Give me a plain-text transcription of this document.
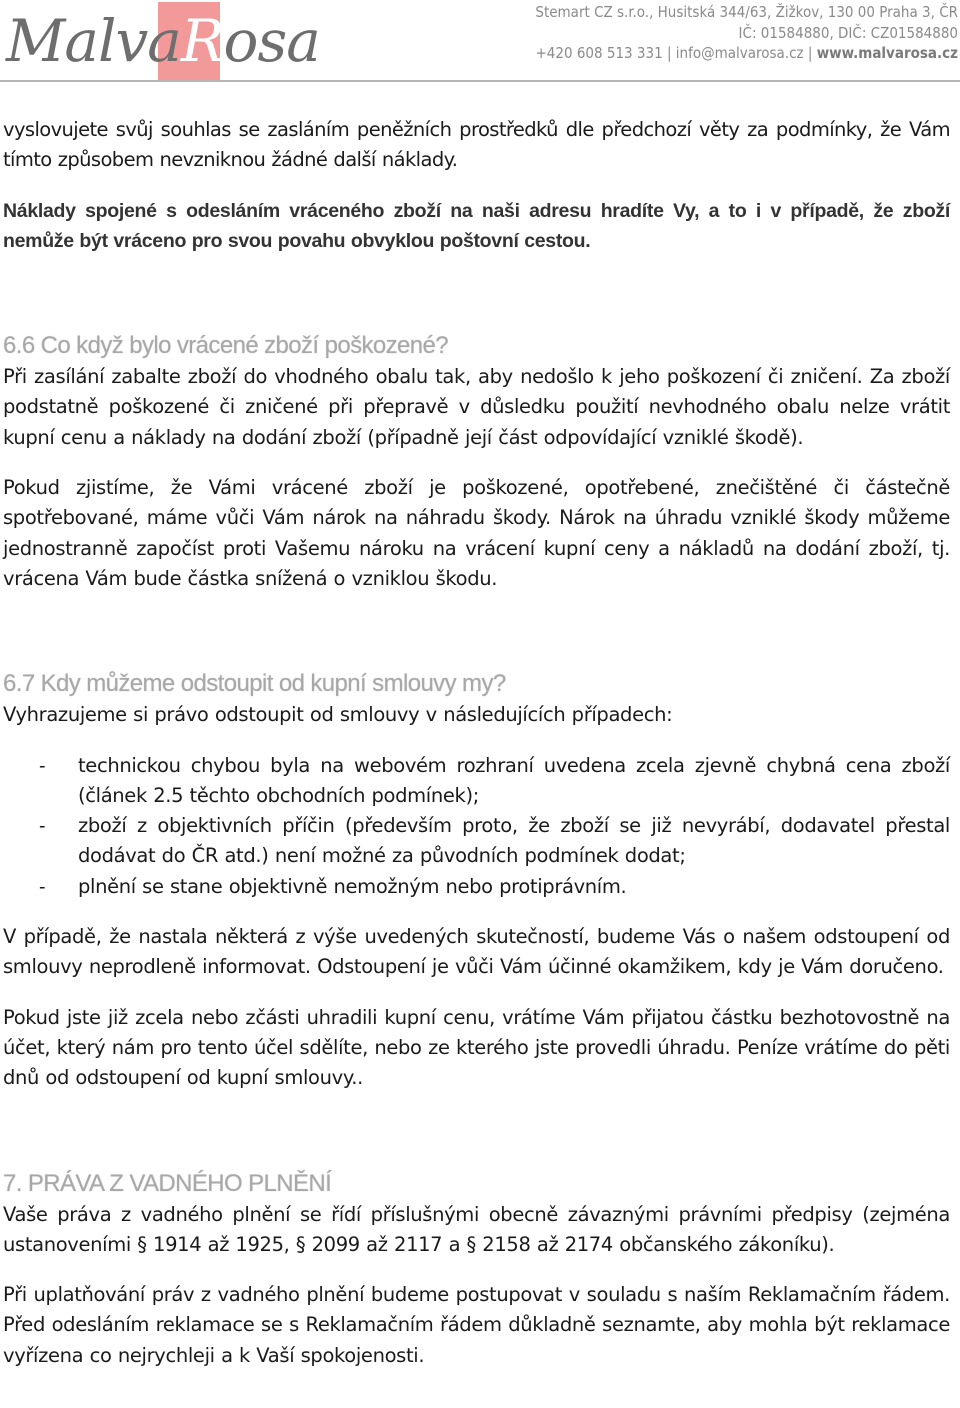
MalvaRosa	Stemart CZ s.r.o., Husitská 344/63, Žižkov, 130 00 Praha 3, ČR
IČ: 01584880, DIČ: CZ01584880
+420 608 513 331 | info@malvarosa.cz | www.malvarosa.cz

vyslovujete svůj souhlas se zasláním peněžních prostředků dle předchozí věty za podmínky, že Vám tímto způsobem nevzniknou žádné další náklady.

Náklady spojené s odesláním vráceného zboží na naši adresu hradíte Vy, a to i v případě, že zboží nemůže být vráceno pro svou povahu obvyklou poštovní cestou.

6.6 Co když bylo vrácené zboží poškozené?

Při zasílání zabalte zboží do vhodného obalu tak, aby nedošlo k jeho poškození či zničení. Za zboží podstatně poškozené či zničené při přepravě v důsledku použití nevhodného obalu nelze vrátit kupní cenu a náklady na dodání zboží (případně její část odpovídající vzniklé škodě).

Pokud zjistíme, že Vámi vrácené zboží je poškozené, opotřebené, znečištěné či částečně spotřebované, máme vůči Vám nárok na náhradu škody. Nárok na úhradu vzniklé škody můžeme jednostranně započíst proti Vašemu nároku na vrácení kupní ceny a nákladů na dodání zboží, tj. vrácena Vám bude částka snížená o vzniklou škodu.

6.7 Kdy můžeme odstoupit od kupní smlouvy my?

Vyhrazujeme si právo odstoupit od smlouvy v následujících případech:

- technickou chybou byla na webovém rozhraní uvedena zcela zjevně chybná cena zboží (článek 2.5 těchto obchodních podmínek);

- zboží z objektivních příčin (především proto, že zboží se již nevyrábí, dodavatel přestal dodávat do ČR atd.) není možné za původních podmínek dodat;

- plnění se stane objektivně nemožným nebo protiprávním.

V případě, že nastala některá z výše uvedených skutečností, budeme Vás o našem odstoupení od smlouvy neprodleně informovat. Odstoupení je vůči Vám účinné okamžikem, kdy je Vám doručeno.

Pokud jste již zcela nebo zčásti uhradili kupní cenu, vrátíme Vám přijatou částku bezhotovostně na účet, který nám pro tento účel sdělíte, nebo ze kterého jste provedli úhradu. Peníze vrátíme do pěti dnů od odstoupení od kupní smlouvy..

7. PRÁVA Z VADNÉHO PLNĚNÍ

Vaše práva z vadného plnění se řídí příslušnými obecně závaznými právními předpisy (zejména ustanoveními § 1914 až 1925, § 2099 až 2117 a § 2158 až 2174 občanského zákoníku).

Při uplatňování práv z vadného plnění budeme postupovat v souladu s naším Reklamačním řádem. Před odesláním reklamace se s Reklamačním řádem důkladně seznamte, aby mohla být reklamace vyřízena co nejrychleji a k Vaší spokojenosti.
